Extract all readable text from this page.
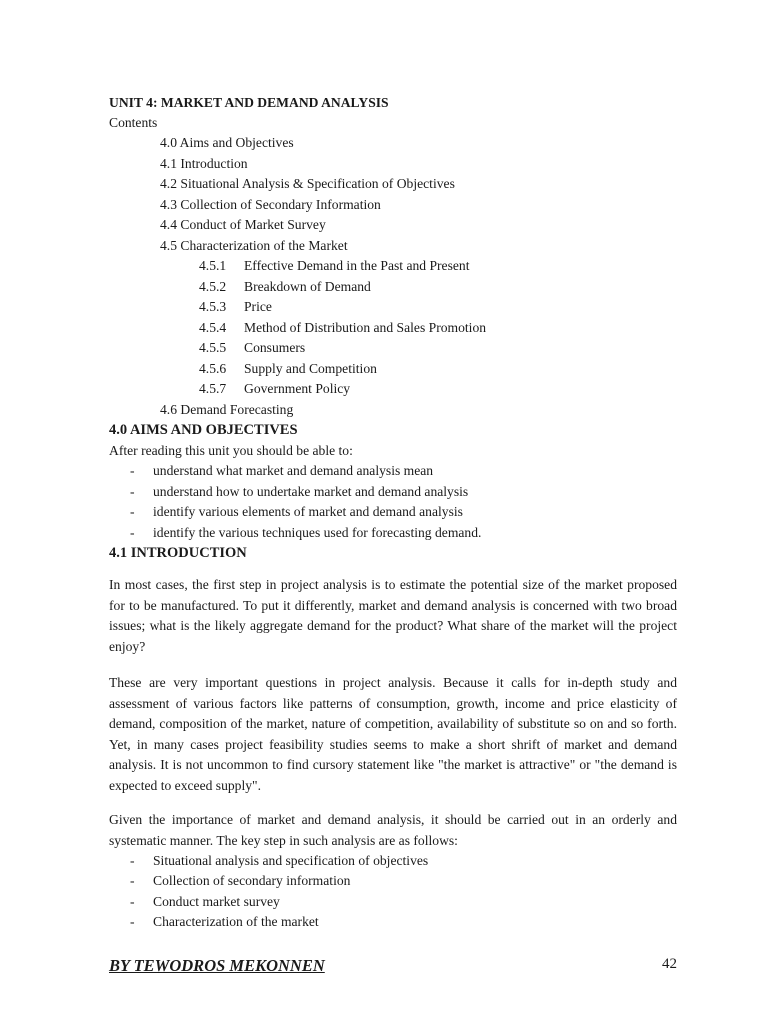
UNIT 4: MARKET AND DEMAND ANALYSIS
Contents
4.0 Aims and Objectives
4.1 Introduction
4.2 Situational Analysis & Specification of Objectives
4.3 Collection of Secondary Information
4.4 Conduct of Market Survey
4.5 Characterization of the Market
4.5.1 Effective Demand in the Past and Present
4.5.2 Breakdown of Demand
4.5.3 Price
4.5.4 Method of Distribution and Sales Promotion
4.5.5 Consumers
4.5.6 Supply and Competition
4.5.7 Government Policy
4.6 Demand Forecasting
4.0 AIMS AND OBJECTIVES
After reading this unit you should be able to:
- understand what market and demand analysis mean
- understand how to undertake market and demand analysis
- identify various elements of market and demand analysis
- identify the various techniques used for forecasting demand.
4.1 INTRODUCTION

In most cases, the first step in project analysis is to estimate the potential size of the market proposed for to be manufactured. To put it differently, market and demand analysis is concerned with two broad issues; what is the likely aggregate demand for the product? What share of the market will the project enjoy?

These are very important questions in project analysis. Because it calls for in-depth study and assessment of various factors like patterns of consumption, growth, income and price elasticity of demand, composition of the market, nature of competition, availability of substitute so on and so forth. Yet, in many cases project feasibility studies seems to make a short shrift of market and demand analysis. It is not uncommon to find cursory statement like "the market is attractive" or "the demand is expected to exceed supply".

Given the importance of market and demand analysis, it should be carried out in an orderly and systematic manner. The key step in such analysis are as follows:

- Situational analysis and specification of objectives
- Collection of secondary information
- Conduct market survey
- Characterization of the market
BY TEWODROS MEKONNEN	42
